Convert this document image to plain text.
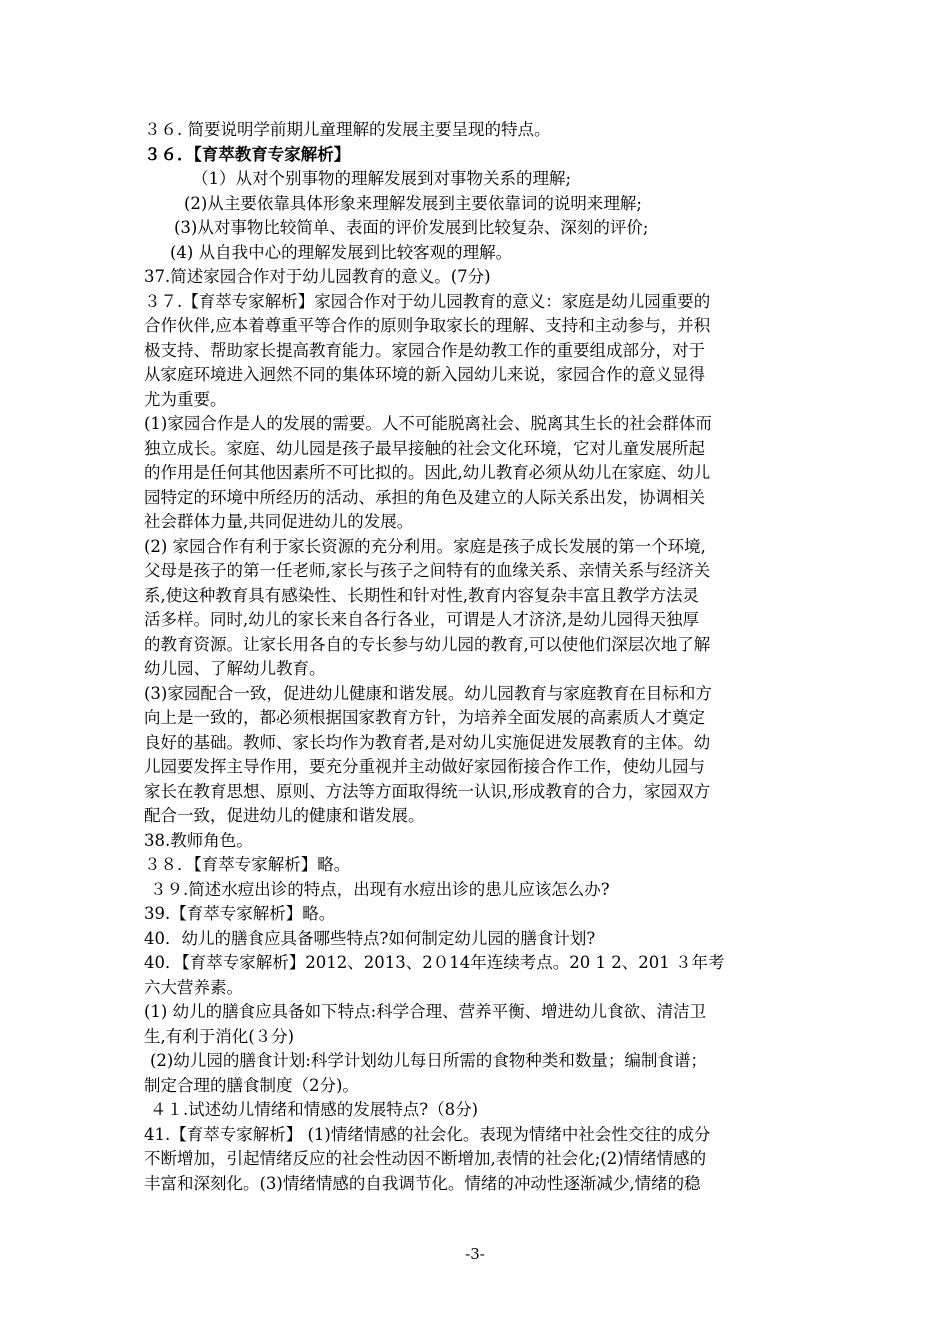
３６. 简要说明学前期儿童理解的发展主要呈现的特点。
３６．【育萃教育专家解析】
（1）从对个别事物的理解发展到对事物关系的理解;
(2)从主要依靠具体形象来理解发展到主要依靠词的说明来理解;
(3)从对事物比较简单、表面的评价发展到比较复杂、深刻的评价;
(4) 从自我中心的理解发展到比较客观的理解。
37.简述家园合作对于幼儿园教育的意义。(7分)
３７.【育萃专家解析】家园合作对于幼儿园教育的意义：家庭是幼儿园重要的
合作伙伴,应本着尊重平等合作的原则争取家长的理解、支持和主动参与，并积
极支持、帮助家长提高教育能力。家园合作是幼教工作的重要组成部分，对于
从家庭环境进入迥然不同的集体环境的新入园幼儿来说，家园合作的意义显得
尤为重要。
(1)家园合作是人的发展的需要。人不可能脱离社会、脱离其生长的社会群体而
独立成长。家庭、幼儿园是孩子最早接触的社会文化环境，它对儿童发展所起
的作用是任何其他因素所不可比拟的。因此,幼儿教育必须从幼儿在家庭、幼儿
园特定的环境中所经历的活动、承担的角色及建立的人际关系出发，协调相关
社会群体力量,共同促进幼儿的发展。
(2) 家园合作有利于家长资源的充分利用。家庭是孩子成长发展的第一个环境,
父母是孩子的第一任老师,家长与孩子之间特有的血缘关系、亲情关系与经济关
系,使这种教育具有感染性、长期性和针对性,教育内容复杂丰富且教学方法灵
活多样。同时,幼儿的家长来自各行各业，可谓是人才济济,是幼儿园得天独厚
的教育资源。让家长用各自的专长参与幼儿园的教育,可以使他们深层次地了解
幼儿园、了解幼儿教育。
(3)家园配合一致，促进幼儿健康和谐发展。幼儿园教育与家庭教育在目标和方
向上是一致的，都必须根据国家教育方针，为培养全面发展的高素质人才奠定
良好的基础。教师、家长均作为教育者,是对幼儿实施促进发展教育的主体。幼
儿园要发挥主导作用，要充分重视并主动做好家园衔接合作工作，使幼儿园与
家长在教育思想、原则、方法等方面取得统一认识,形成教育的合力，家园双方
配合一致，促进幼儿的健康和谐发展。
38.教师角色。
３８．【育萃专家解析】略。
３９.简述水痘出诊的特点，出现有水痘出诊的患儿应该怎么办?
39.【育萃专家解析】略。
40．幼儿的膳食应具备哪些特点?如何制定幼儿园的膳食计划?
40．【育萃专家解析】2012、2013、2０14年连续考点。20 1 2、201 ３年考
六大营养素。
(1) 幼儿的膳食应具备如下特点:科学合理、营养平衡、增进幼儿食欲、清洁卫
生,有利于消化(３分)
(2)幼儿园的膳食计划:科学计划幼儿每日所需的食物种类和数量；编制食谱；
制定合理的膳食制度（2分)。
４１.试述幼儿情绪和情感的发展特点?（8分)
41.【育萃专家解析】 (1)情绪情感的社会化。表现为情绪中社会性交往的成分
不断增加，引起情绪反应的社会性动因不断增加,表情的社会化;(2)情绪情感的
丰富和深刻化。(3)情绪情感的自我调节化。情绪的冲动性逐渐减少,情绪的稳
-3-
